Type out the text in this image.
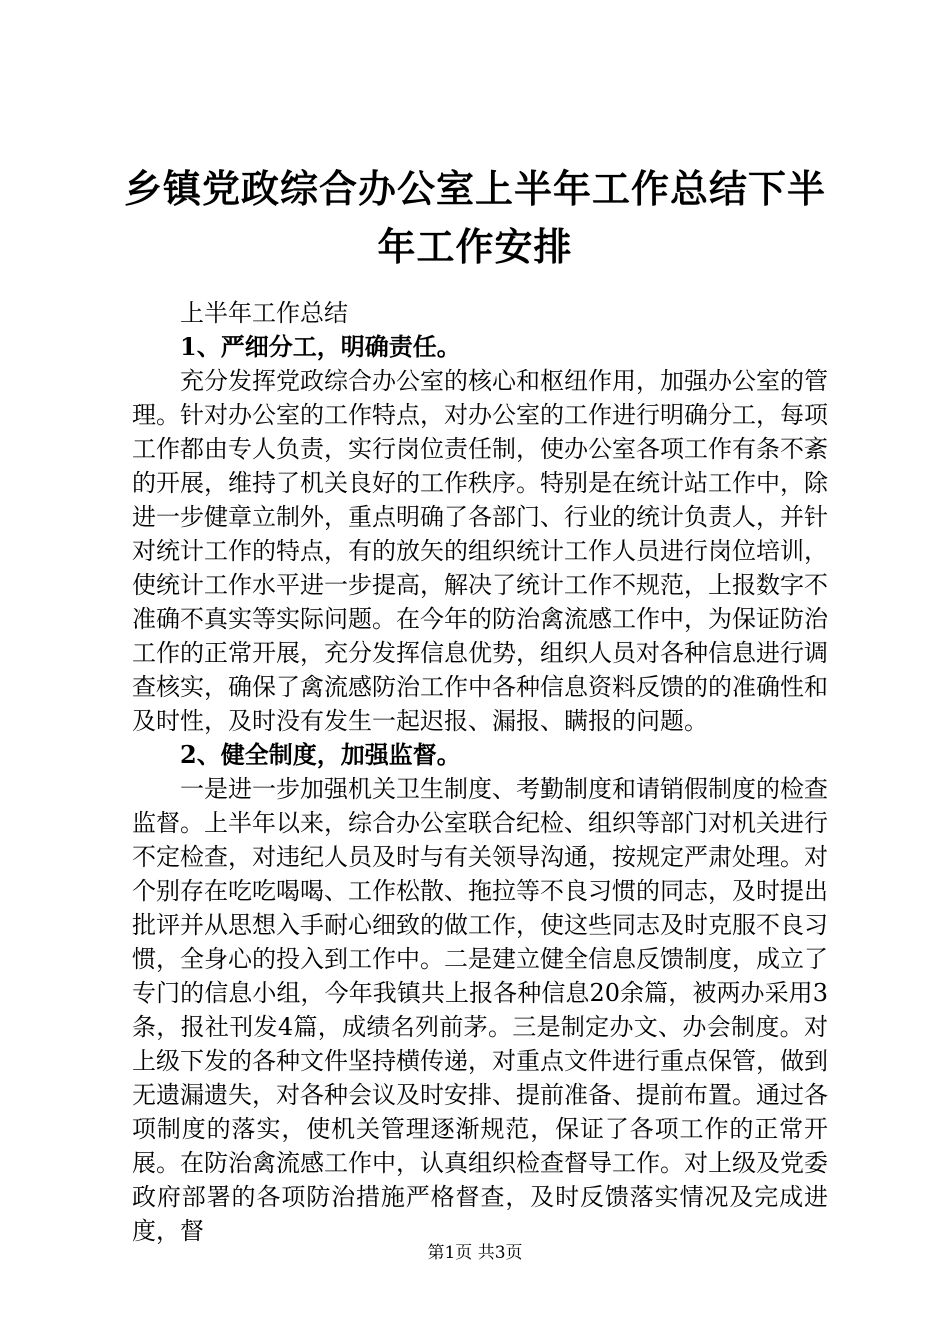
乡镇党政综合办公室上半年工作总结下半年工作安排

上半年工作总结

1、严细分工，明确责任。

充分发挥党政综合办公室的核心和枢纽作用，加强办公室的管理。针对办公室的工作特点，对办公室的工作进行明确分工，每项工作都由专人负责，实行岗位责任制，使办公室各项工作有条不紊的开展，维持了机关良好的工作秩序。特别是在统计站工作中，除进一步健章立制外，重点明确了各部门、行业的统计负责人，并针对统计工作的特点，有的放矢的组织统计工作人员进行岗位培训，使统计工作水平进一步提高，解决了统计工作不规范，上报数字不准确不真实等实际问题。在今年的防治禽流感工作中，为保证防治工作的正常开展，充分发挥信息优势，组织人员对各种信息进行调查核实，确保了禽流感防治工作中各种信息资料反馈的的准确性和及时性，及时没有发生一起迟报、漏报、瞒报的问题。

2、健全制度，加强监督。

一是进一步加强机关卫生制度、考勤制度和请销假制度的检查监督。上半年以来，综合办公室联合纪检、组织等部门对机关进行不定检查，对违纪人员及时与有关领导沟通，按规定严肃处理。对个别存在吃吃喝喝、工作松散、拖拉等不良习惯的同志，及时提出批评并从思想入手耐心细致的做工作，使这些同志及时克服不良习惯，全身心的投入到工作中。二是建立健全信息反馈制度，成立了专门的信息小组，今年我镇共上报各种信息20余篇，被两办采用3条，报社刊发4篇，成绩名列前茅。三是制定办文、办会制度。对上级下发的各种文件坚持横传递，对重点文件进行重点保管，做到无遗漏遗失，对各种会议及时安排、提前准备、提前布置。通过各项制度的落实，使机关管理逐渐规范，保证了各项工作的正常开展。在防治禽流感工作中，认真组织检查督导工作。对上级及党委政府部署的各项防治措施严格督查，及时反馈落实情况及完成进度，督

第1页 共3页
